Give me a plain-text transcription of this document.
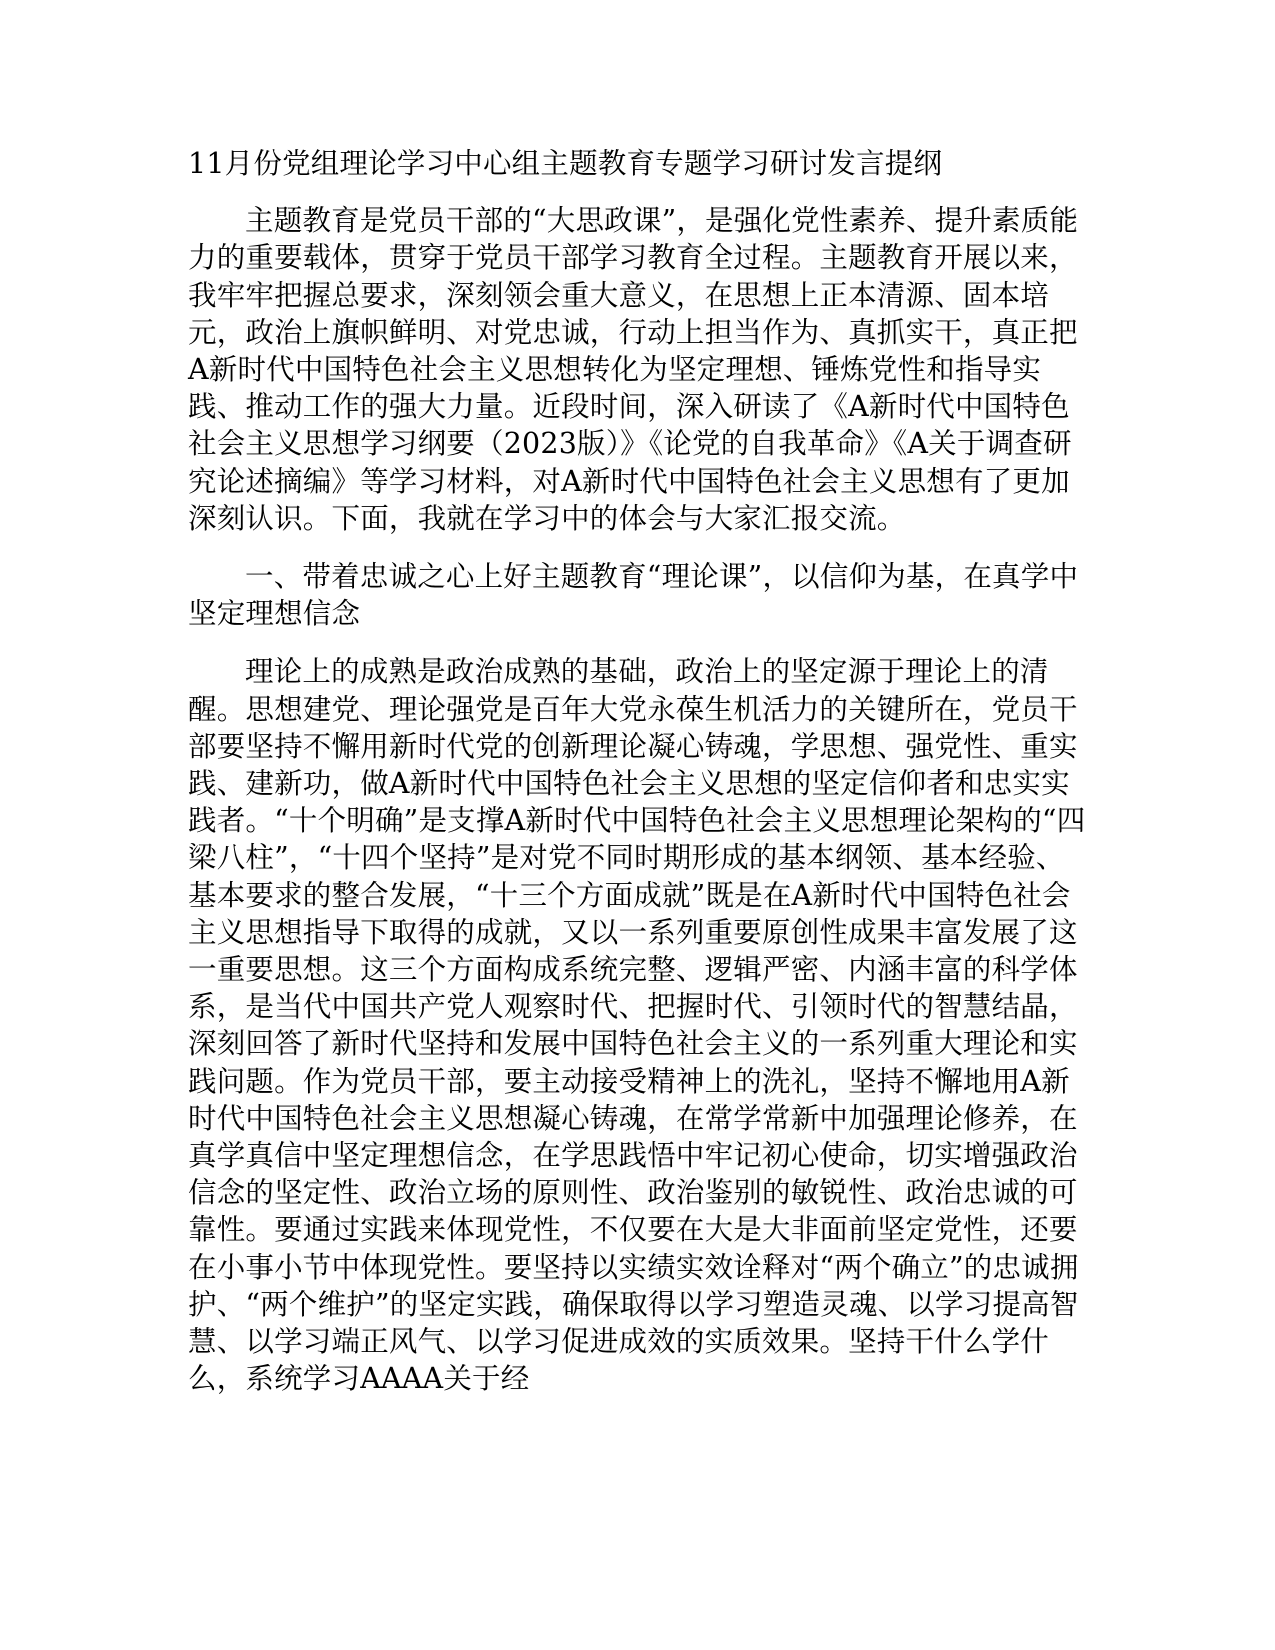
11月份党组理论学习中心组主题教育专题学习研讨发言提纲

主题教育是党员干部的“大思政课”，是强化党性素养、提升素质能力的重要载体，贯穿于党员干部学习教育全过程。主题教育开展以来，我牢牢把握总要求，深刻领会重大意义，在思想上正本清源、固本培元，政治上旗帜鲜明、对党忠诚，行动上担当作为、真抓实干，真正把A新时代中国特色社会主义思想转化为坚定理想、锤炼党性和指导实践、推动工作的强大力量。近段时间，深入研读了《A新时代中国特色社会主义思想学习纲要（2023版）》《论党的自我革命》《A关于调查研究论述摘编》等学习材料，对A新时代中国特色社会主义思想有了更加深刻认识。下面，我就在学习中的体会与大家汇报交流。

一、带着忠诚之心上好主题教育“理论课”，以信仰为基，在真学中坚定理想信念

理论上的成熟是政治成熟的基础，政治上的坚定源于理论上的清醒。思想建党、理论强党是百年大党永葆生机活力的关键所在，党员干部要坚持不懈用新时代党的创新理论凝心铸魂，学思想、强党性、重实践、建新功，做A新时代中国特色社会主义思想的坚定信仰者和忠实实践者。“十个明确”是支撑A新时代中国特色社会主义思想理论架构的“四梁八柱”，“十四个坚持”是对党不同时期形成的基本纲领、基本经验、基本要求的整合发展，“十三个方面成就”既是在A新时代中国特色社会主义思想指导下取得的成就，又以一系列重要原创性成果丰富发展了这一重要思想。这三个方面构成系统完整、逻辑严密、内涵丰富的科学体系，是当代中国共产党人观察时代、把握时代、引领时代的智慧结晶，深刻回答了新时代坚持和发展中国特色社会主义的一系列重大理论和实践问题。作为党员干部，要主动接受精神上的洗礼，坚持不懈地用A新时代中国特色社会主义思想凝心铸魂，在常学常新中加强理论修养，在真学真信中坚定理想信念，在学思践悟中牢记初心使命，切实增强政治信念的坚定性、政治立场的原则性、政治鉴别的敏锐性、政治忠诚的可靠性。要通过实践来体现党性，不仅要在大是大非面前坚定党性，还要在小事小节中体现党性。要坚持以实绩实效诠释对“两个确立”的忠诚拥护、“两个维护”的坚定实践，确保取得以学习塑造灵魂、以学习提高智慧、以学习端正风气、以学习促进成效的实质效果。坚持干什么学什么，系统学习AAAA关于经
